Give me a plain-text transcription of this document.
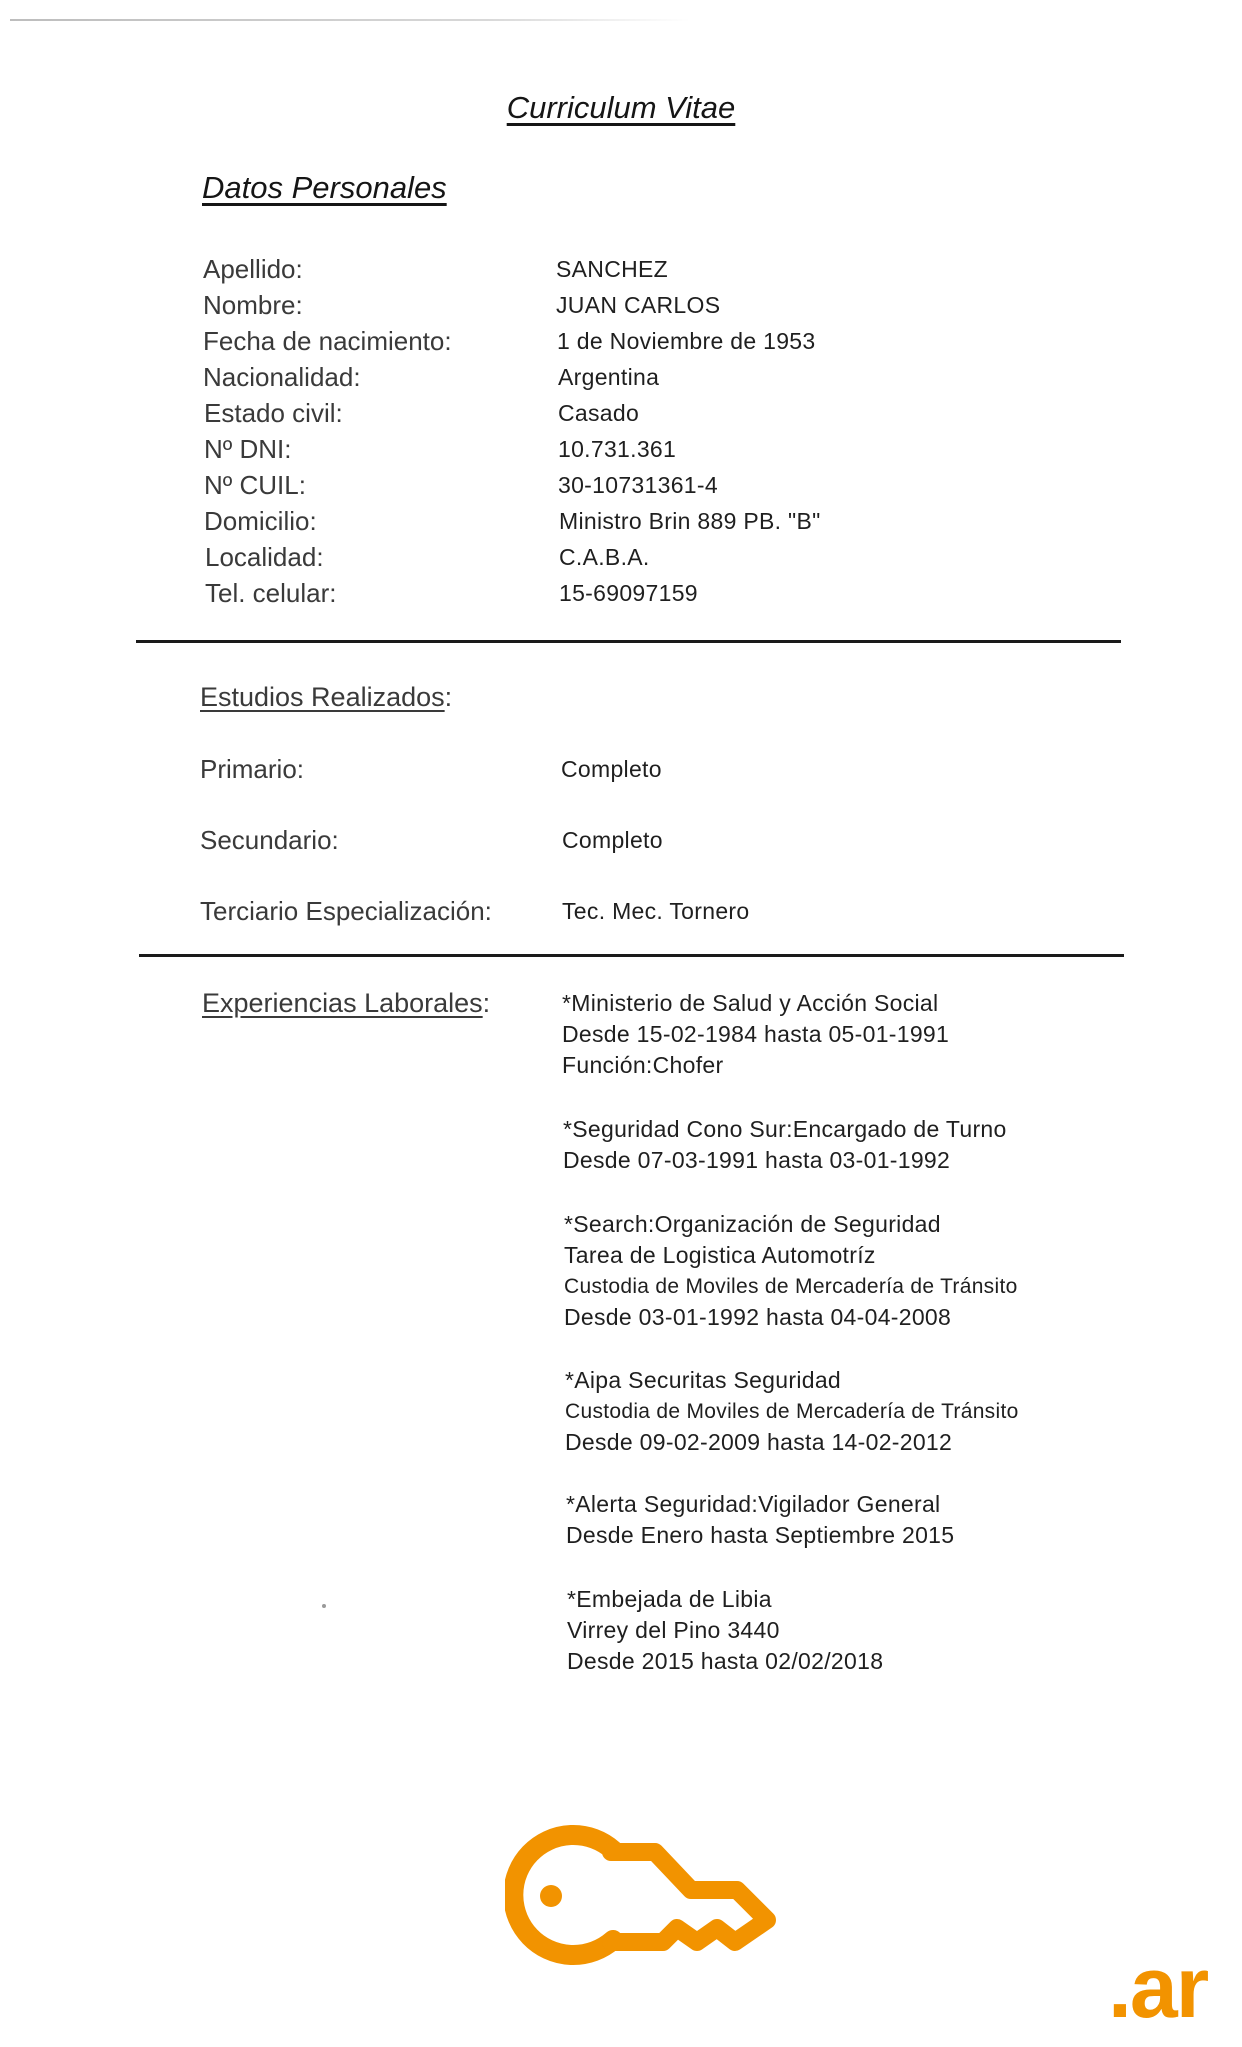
Curriculum Vitae
Datos Personales
Apellido:	SANCHEZ
Nombre:	JUAN CARLOS
Fecha de nacimiento:	1 de Noviembre de 1953
Nacionalidad:	Argentina
Estado civil:	Casado
Nº DNI:	10.731.361
Nº CUIL:	30-10731361-4
Domicilio:	Ministro Brin 889 PB. "B"
Localidad:	C.A.B.A.
Tel. celular:	15-69097159
Estudios Realizados:
Primario:	Completo
Secundario:	Completo
Terciario Especialización:	Tec. Mec. Tornero
Experiencias Laborales:	*Ministerio de Salud y Acción Social
Desde 15-02-1984 hasta 05-01-1991
Función:Chofer
*Seguridad Cono Sur:Encargado de Turno
Desde 07-03-1991 hasta 03-01-1992
*Search:Organización de Seguridad
Tarea de Logistica Automotríz
Custodia de Moviles de Mercadería de Tránsito
Desde 03-01-1992 hasta 04-04-2008
*Aipa Securitas Seguridad
Custodia de Moviles de Mercadería de Tránsito
Desde 09-02-2009 hasta 14-02-2012
*Alerta Seguridad:Vigilador General
Desde Enero hasta Septiembre 2015
*Embejada de Libia
Virrey del Pino 3440
Desde 2015 hasta 02/02/2018
.ar
